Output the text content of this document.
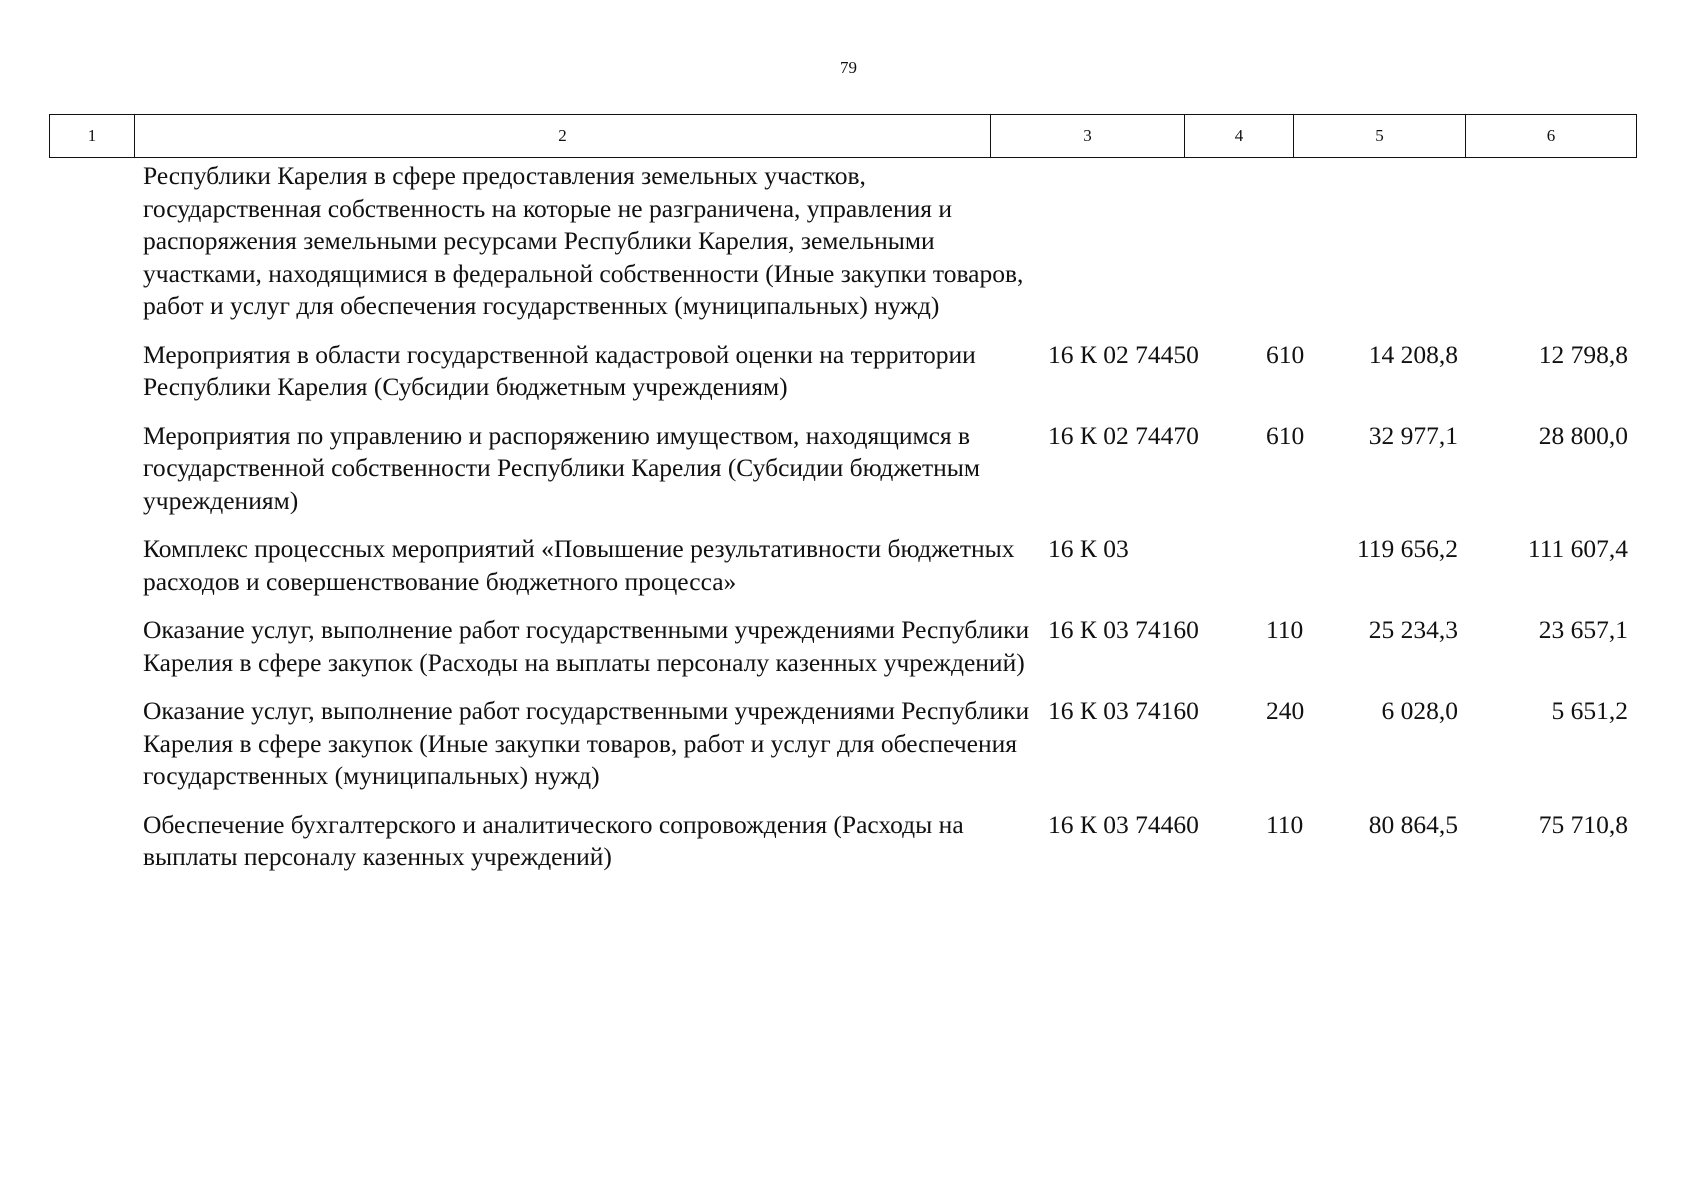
79
1	2	3	4	5	6
Республики Карелия в сфере предоставления земельных участков, государственная собственность на которые не разграничена, управления и распоряжения земельными ресурсами Республики Карелия, земельными участками, находящимися в федеральной собственности (Иные закупки товаров, работ и услуг для обеспечения государственных (муниципальных) нужд)				
Мероприятия в области государственной кадастровой оценки на территории Республики Карелия (Субсидии бюджетным учреждениям)	16 К 02 74450	610	14 208,8	12 798,8
Мероприятия по управлению и распоряжению имуществом, находящимся в государственной собственности Республики Карелия (Субсидии бюджетным учреждениям)	16 К 02 74470	610	32 977,1	28 800,0
Комплекс процессных мероприятий «Повышение результативности бюджетных расходов и совершенствование бюджетного процесса»	16 К 03		119 656,2	111 607,4
Оказание услуг, выполнение работ государственными учреждениями Республики Карелия в сфере закупок (Расходы на выплаты персоналу казенных учреждений)	16 К 03 74160	110	25 234,3	23 657,1
Оказание услуг, выполнение работ государственными учреждениями Республики Карелия в сфере закупок (Иные закупки товаров, работ и услуг для обеспечения государственных (муниципальных) нужд)	16 К 03 74160	240	6 028,0	5 651,2
Обеспечение бухгалтерского и аналитического сопровождения (Расходы на выплаты персоналу казенных учреждений)	16 К 03 74460	110	80 864,5	75 710,8
